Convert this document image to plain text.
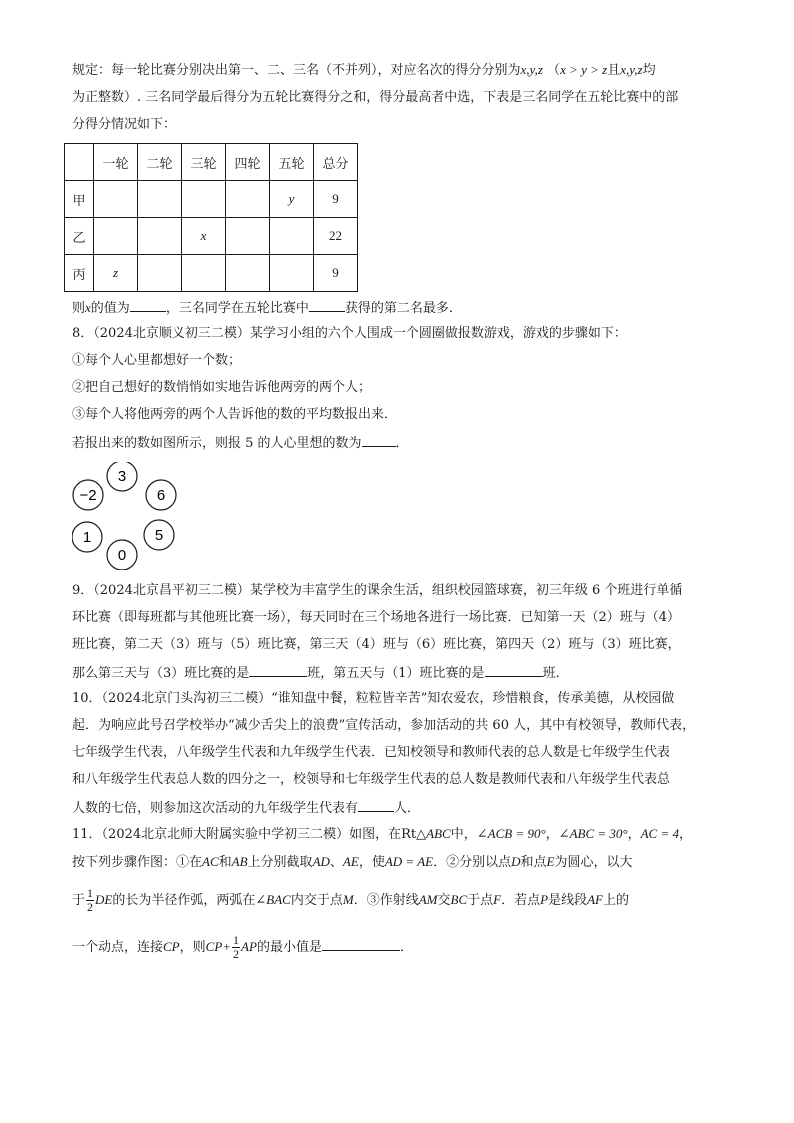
规定：每一轮比赛分别决出第一、二、三名（不并列），对应名次的得分分别为x,y,z （x > y > z且x,y,z均
为正整数）. 三名同学最后得分为五轮比赛得分之和，得分最高者中选，下表是三名同学在五轮比赛中的部
分得分情况如下：
	一轮	二轮	三轮	四轮	五轮	总分
甲					y	9
乙			x			22
丙	z					9
则x的值为	，三名同学在五轮比赛中	获得的第二名最多．
8．（2024北京顺义初三二模）某学习小组的六个人围成一个圆圈做报数游戏，游戏的步骤如下：
①每个人心里都想好一个数；
②把自己想好的数悄悄如实地告诉他两旁的两个人；
③每个人将他两旁的两个人告诉他的数的平均数报出来．
若报出来的数如图所示，则报 5 的人心里想的数为	．
3
6
5
0
1
−2
9．（2024北京昌平初三二模）某学校为丰富学生的课余生活，组织校园篮球赛，初三年级 6 个班进行单循
环比赛（即每班都与其他班比赛一场），每天同时在三个场地各进行一场比赛．已知第一天（2）班与（4）
班比赛，第二天（3）班与（5）班比赛，第三天（4）班与（6）班比赛，第四天（2）班与（3）班比赛，
那么第三天与（3）班比赛的是	班，第五天与（1）班比赛的是	班．
10．（2024北京门头沟初三二模）“谁知盘中餐，粒粒皆辛苦”知农爱农，珍惜粮食，传承美德，从校园做
起．为响应此号召学校举办“减少舌尖上的浪费”宣传活动，参加活动的共 60 人，其中有校领导，教师代表，
七年级学生代表，八年级学生代表和九年级学生代表．已知校领导和教师代表的总人数是七年级学生代表
和八年级学生代表总人数的四分之一，校领导和七年级学生代表的总人数是教师代表和八年级学生代表总
人数的七倍，则参加这次活动的九年级学生代表有	人．
11．（2024北京北师大附属实验中学初三二模）如图，在Rt△ABC中，∠ACB = 90°，∠ABC = 30°，AC = 4，
按下列步骤作图：①在AC和AB上分别截取AD、AE，使AD = AE．②分别以点D和点E为圆心，以大
于 $\frac{1}{2}$ DE的长为半径作弧，两弧在∠BAC内交于点M．③作射线AM交BC于点F．若点P是线段AF上的
一个动点，连接CP，则$CP+ \frac{1}{2}$ AP的最小值是	．
